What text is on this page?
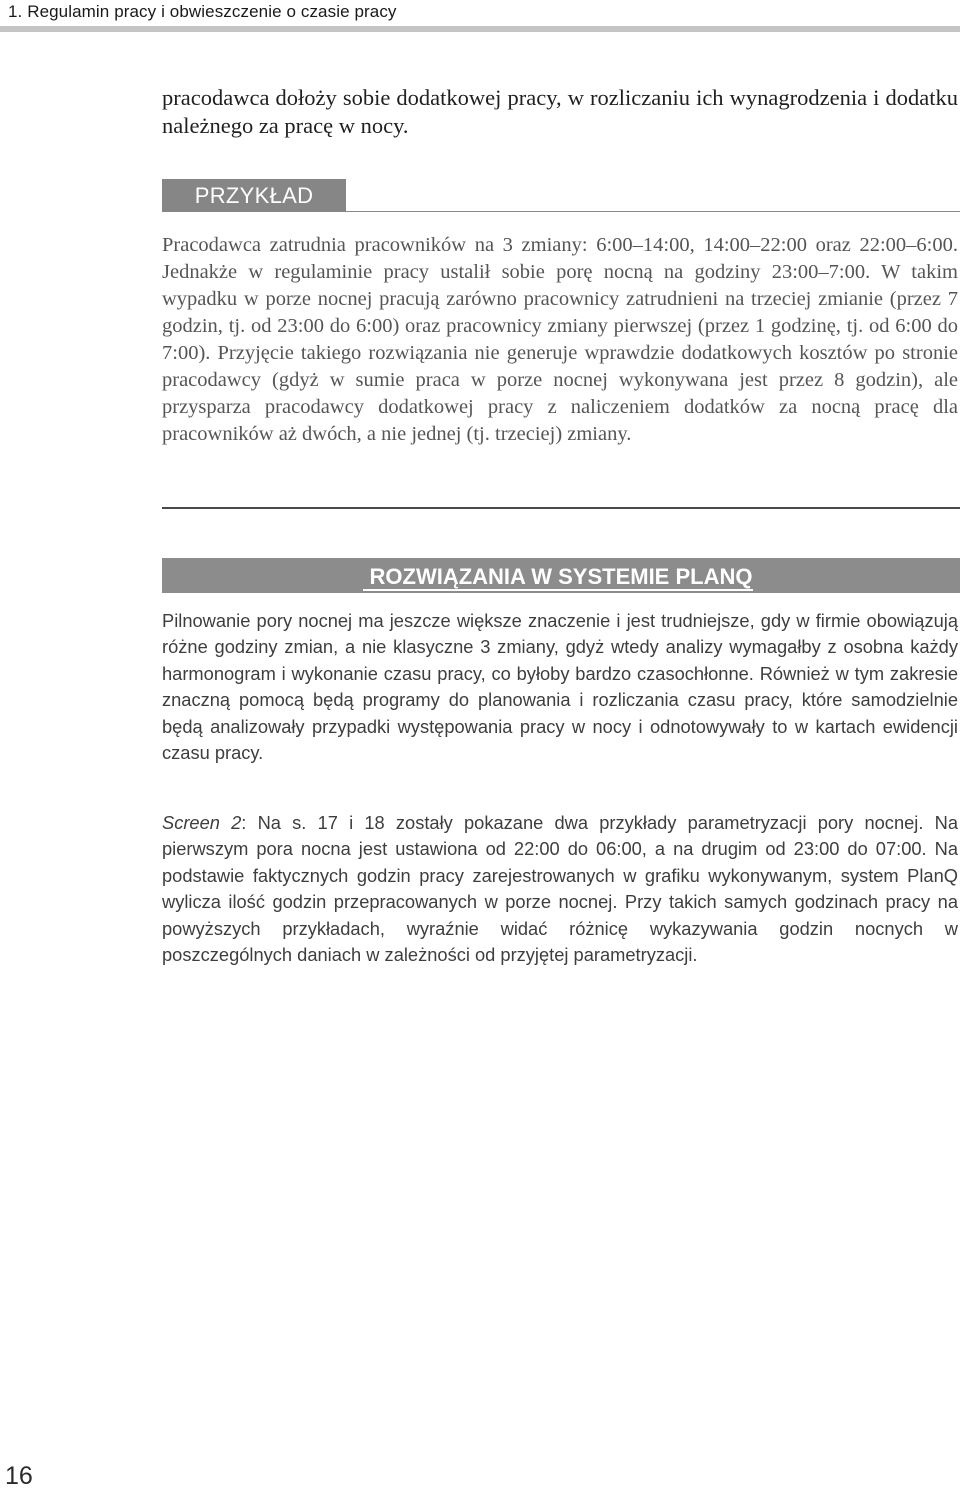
1. Regulamin pracy i obwieszczenie o czasie pracy

pracodawca dołoży sobie dodatkowej pracy, w rozliczaniu ich wynagrodzenia i dodatku należnego za pracę w nocy.

PRZYKŁAD

Pracodawca zatrudnia pracowników na 3 zmiany: 6:00–14:00, 14:00–22:00 oraz 22:00–6:00. Jednakże w regulaminie pracy ustalił sobie porę nocną na godziny 23:00–7:00. W takim wypadku w porze nocnej pracują zarówno pracownicy zatrudnieni na trzeciej zmianie (przez 7 godzin, tj. od 23:00 do 6:00) oraz pracownicy zmiany pierwszej (przez 1 godzinę, tj. od 6:00 do 7:00). Przyjęcie takiego rozwiązania nie generuje wprawdzie dodatkowych kosztów po stronie pracodawcy (gdyż w sumie praca w porze nocnej wykonywana jest przez 8 godzin), ale przysparza pracodawcy dodatkowej pracy z naliczeniem dodatków za nocną pracę dla pracowników aż dwóch, a nie jednej (tj. trzeciej) zmiany.

ROZWIĄZANIA W SYSTEMIE PLANQ

Pilnowanie pory nocnej ma jeszcze większe znaczenie i jest trudniejsze, gdy w firmie obowiązują różne godziny zmian, a nie klasyczne 3 zmiany, gdyż wtedy analizy wymagałby z osobna każdy harmonogram i wykonanie czasu pracy, co byłoby bardzo czasochłonne. Również w tym zakresie znaczną pomocą będą programy do planowania i rozliczania czasu pracy, które samodzielnie będą analizowały przypadki występowania pracy w nocy i odnotowywały to w kartach ewidencji czasu pracy.

Screen 2: Na s. 17 i 18 zostały pokazane dwa przykłady parametryzacji pory nocnej. Na pierwszym pora nocna jest ustawiona od 22:00 do 06:00, a na drugim od 23:00 do 07:00. Na podstawie faktycznych godzin pracy zarejestrowanych w grafiku wykonywanym, system PlanQ wylicza ilość godzin przepracowanych w porze nocnej. Przy takich samych godzinach pracy na powyższych przykładach, wyraźnie widać różnicę wykazywania godzin nocnych w poszczególnych daniach w zależności od przyjętej parametryzacji.

16
